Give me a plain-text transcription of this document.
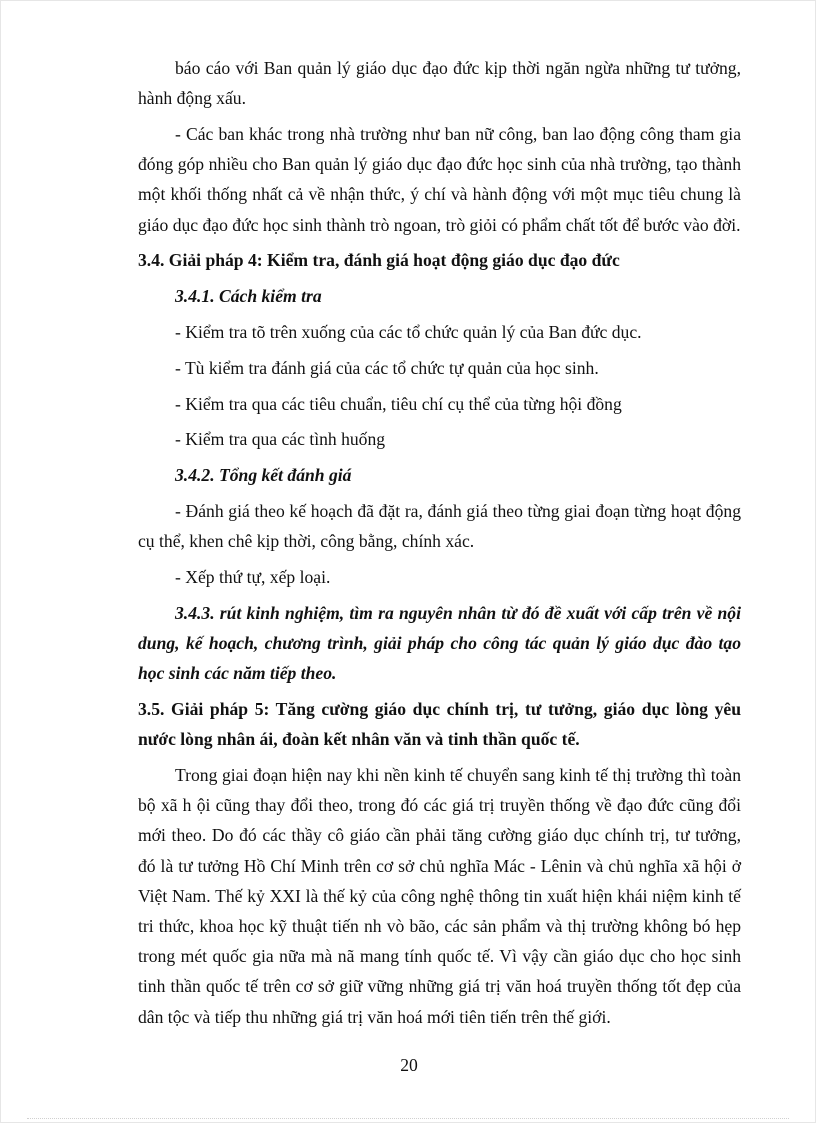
báo cáo với Ban quản lý giáo dục đạo đức kịp thời ngăn ngừa những tư tưởng, hành động xấu.

- Các ban khác trong nhà trường như ban nữ công, ban lao động công tham gia đóng góp nhiều cho Ban quản lý giáo dục đạo đức học sinh của nhà trường, tạo thành một khối thống nhất cả về nhận thức, ý chí và hành động với một mục tiêu chung là giáo dục đạo đức học sinh thành trò ngoan, trò giỏi có phẩm chất tốt để bước vào đời.

3.4. Giải pháp 4: Kiểm tra, đánh giá hoạt động giáo dục đạo đức

3.4.1. Cách kiểm tra

- Kiểm tra tõ trên xuống của các tổ chức quản lý của Ban đức dục.

- Tù kiểm tra đánh giá của các tổ chức tự quản của học sinh.

- Kiểm tra qua các tiêu chuẩn, tiêu chí cụ thể của từng hội đồng

- Kiểm tra qua các tình huống

3.4.2. Tổng kết đánh giá

- Đánh giá theo kế hoạch đã đặt ra, đánh giá theo từng giai đoạn từng hoạt động cụ thể, khen chê kịp thời, công bằng, chính xác.

- Xếp thứ tự, xếp loại.

3.4.3. rút kinh nghiệm, tìm ra nguyên nhân từ đó đề xuất với cấp trên về nội dung, kế hoạch, chương trình, giải pháp cho công tác quản lý giáo dục đào tạo học sinh các năm tiếp theo.

3.5. Giải pháp 5: Tăng cường giáo dục chính trị, tư tưởng, giáo dục lòng yêu nước lòng nhân ái, đoàn kết nhân văn và tinh thần quốc tế.

Trong giai đoạn hiện nay khi nền kinh tế chuyển sang kinh tế thị trường thì toàn bộ xã h ội cũng thay đổi theo, trong đó các giá trị truyền thống về đạo đức cũng đổi mới theo. Do đó các thầy cô giáo cần phải tăng cường giáo dục chính trị, tư tưởng, đó là tư tưởng Hồ Chí Minh trên cơ sở chủ nghĩa Mác - Lênin và chủ nghĩa xã hội ở Việt Nam. Thế kỷ XXI là thế kỷ của công nghệ thông tin xuất hiện khái niệm kinh tế tri thức, khoa học kỹ thuật tiến nh vò bão, các sản phẩm và thị trường không bó hẹp trong mét quốc gia nữa mà nã mang tính quốc tế. Vì vậy cần giáo dục cho học sinh tinh thần quốc tế trên cơ sở giữ vững những giá trị văn hoá truyền thống tốt đẹp của dân tộc và tiếp thu những giá trị văn hoá mới tiên tiến trên thế giới.

20
